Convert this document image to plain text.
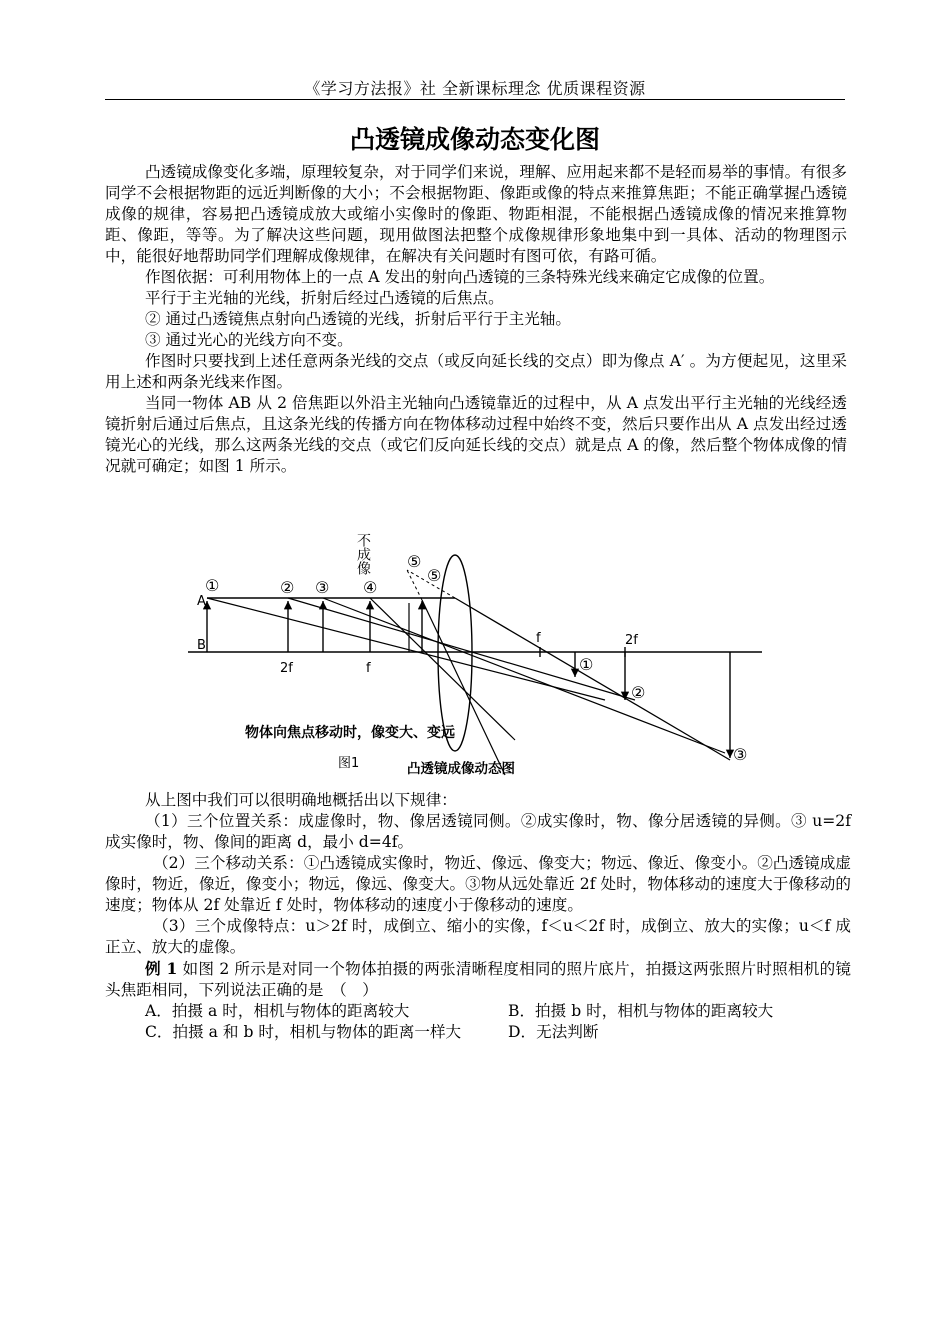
《学习方法报》社 全新课标理念 优质课程资源
凸透镜成像动态变化图

凸透镜成像变化多端，原理较复杂，对于同学们来说，理解、应用起来都不是轻而易举的事情。有很多同学不会根据物距的远近判断像的大小；不会根据物距、像距或像的特点来推算焦距；不能正确掌握凸透镜成像的规律，容易把凸透镜成放大或缩小实像时的像距、物距相混，不能根据凸透镜成像的情况来推算物距、像距，等等。为了解决这些问题，现用做图法把整个成像规律形象地集中到一具体、活动的物理图示中，能很好地帮助同学们理解成像规律，在解决有关问题时有图可依，有路可循。

作图依据：可利用物体上的一点 A 发出的射向凸透镜的三条特殊光线来确定它成像的位置。

平行于主光轴的光线，折射后经过凸透镜的后焦点。

② 通过凸透镜焦点射向凸透镜的光线，折射后平行于主光轴。

③ 通过光心的光线方向不变。

作图时只要找到上述任意两条光线的交点（或反向延长线的交点）即为像点 A′ 。为方便起见，这里采用上述和两条光线来作图。

当同一物体 AB 从 2 倍焦距以外沿主光轴向凸透镜靠近的过程中，从 A 点发出平行主光轴的光线经透镜折射后通过后焦点，且这条光线的传播方向在物体移动过程中始终不变，然后只要作出从 A 点发出经过透镜光心的光线，那么这两条光线的交点（或它们反向延长线的交点）就是点 A 的像，然后整个物体成像的情况就可确定；如图 1 所示。

A
B
2f	f
f	2f
①	② ③ ④
⑤
⑤
①
②
③
不成像
物体向焦点移动时，像变大、变远
图1	凸透镜成像动态图

从上图中我们可以很明确地概括出以下规律：

（1）三个位置关系：成虚像时，物、像居透镜同侧。②成实像时，物、像分居透镜的异侧。③ u=2f 成实像时，物、像间的距离 d，最小 d=4f。

（2）三个移动关系：①凸透镜成实像时，物近、像远、像变大；物远、像近、像变小。②凸透镜成虚像时，物近，像近，像变小；物远，像远、像变大。③物从远处靠近 2f 处时，物体移动的速度大于像移动的速度；物体从 2f 处靠近 f 处时，物体移动的速度小于像移动的速度。

（3）三个成像特点：u＞2f 时，成倒立、缩小的实像，f＜u＜2f 时，成倒立、放大的实像；u＜f 成正立、放大的虚像。

例 1 如图 2 所示是对同一个物体拍摄的两张清晰程度相同的照片底片，拍摄这两张照片时照相机的镜头焦距相同，下列说法正确的是　（　）

A．拍摄 a 时，相机与物体的距离较大	B．拍摄 b 时，相机与物体的距离较大

C．拍摄 a 和 b 时，相机与物体的距离一样大	D．无法判断
